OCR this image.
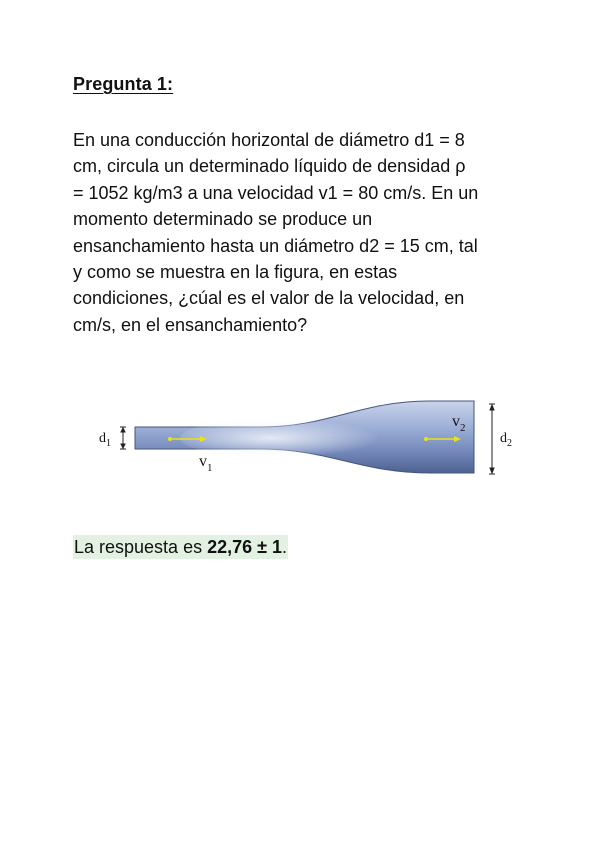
Pregunta 1:

En una conducción horizontal de diámetro d1 = 8
cm, circula un determinado líquido de densidad ρ
= 1052 kg/m3 a una velocidad v1 = 80 cm/s. En un
momento determinado se produce un
ensanchamiento hasta un diámetro d2 = 15 cm, tal
y como se muestra en la figura, en estas
condiciones, ¿cúal es el valor de la velocidad, en
cm/s, en el ensanchamiento?

$d_1$	$d_2$
$v_1$
$v_2$
La respuesta es 22,76 ± 1.
